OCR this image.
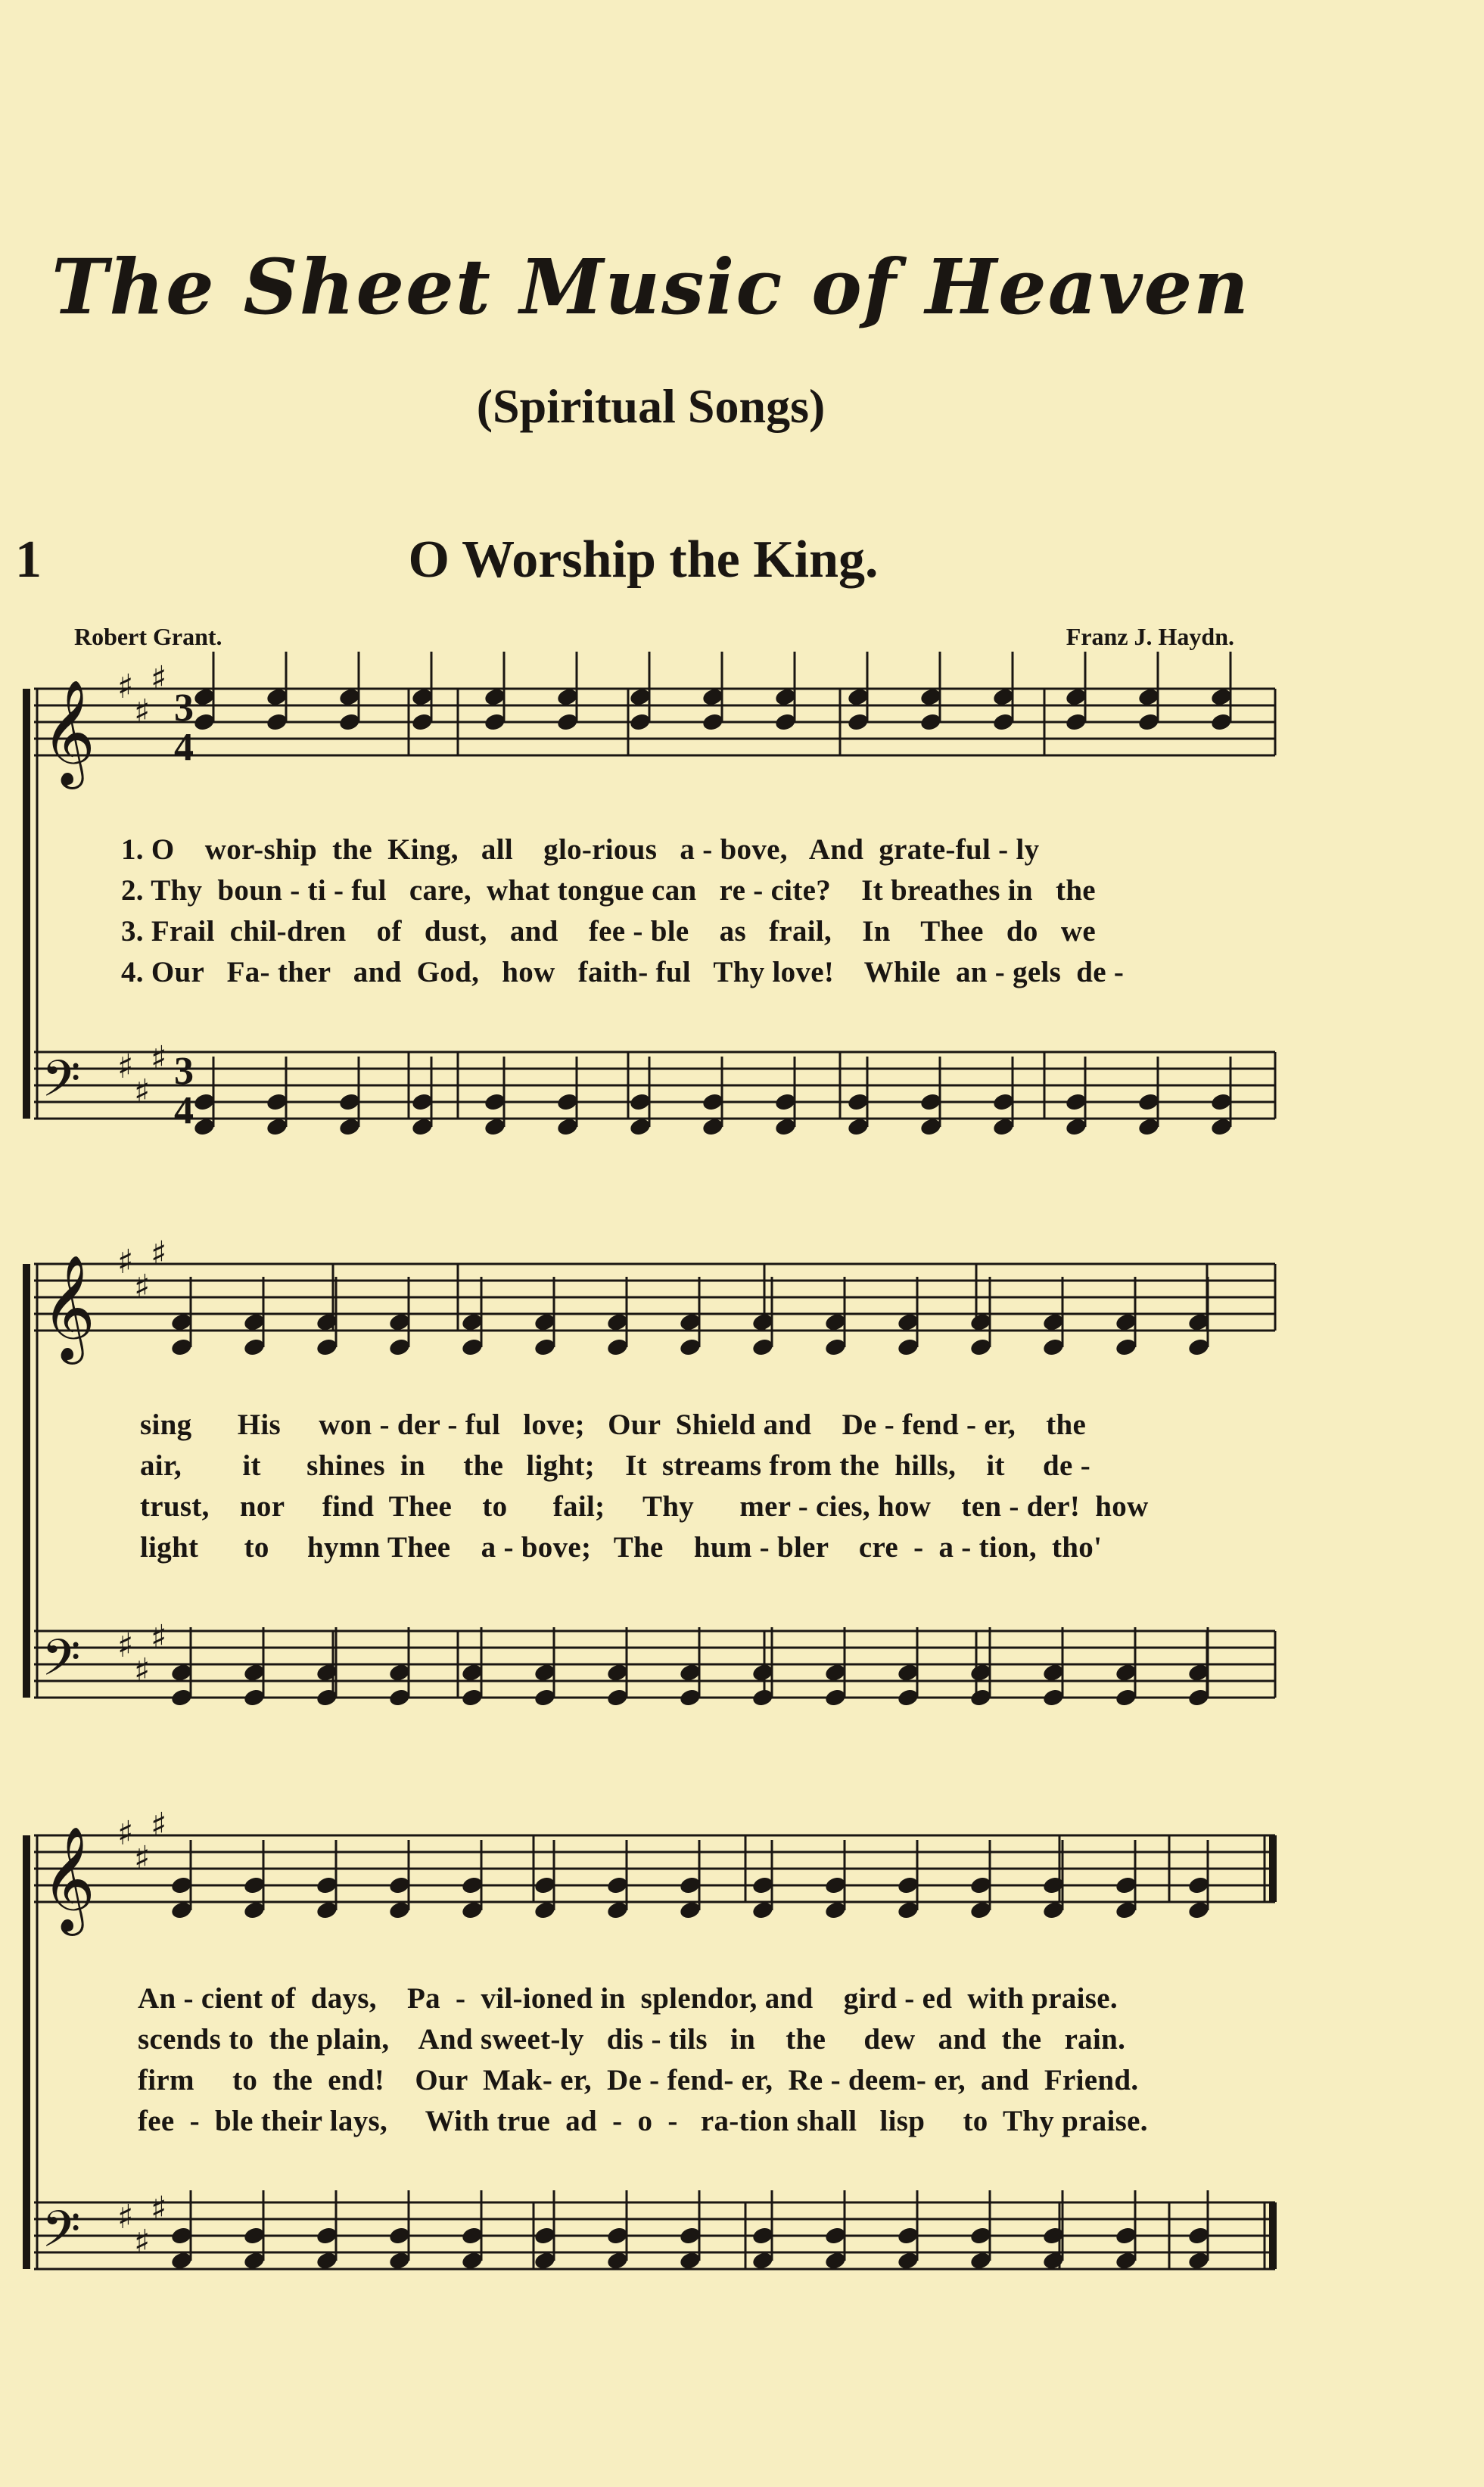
The Sheet Music of Heaven
(Spiritual Songs)
1	O Worship the King.
Robert Grant.	Franz J. Haydn.
𝄞 ♯
♯
♯
3
4
𝄢 ♯
♯
♯ 3
4
𝄞 ♯
♯
♯
𝄢 ♯
♯
♯
𝄞 ♯
♯
♯
𝄢 ♯
♯
♯
1. O    wor-ship  the  King,   all    glo-rious   a - bove,   And  grate-ful - ly
2. Thy  boun - ti - ful   care,  what tongue can   re - cite?    It breathes in   the
3. Frail  chil-dren    of   dust,   and    fee - ble    as   frail,    In    Thee   do   we
4. Our   Fa- ther   and  God,   how   faith- ful   Thy love!    While  an - gels  de -
sing      His     won - der - ful   love;   Our  Shield and    De - fend - er,    the
air,        it      shines  in     the   light;    It  streams from the  hills,    it     de -
trust,    nor     find  Thee    to      fail;     Thy      mer - cies, how    ten - der!  how
light      to     hymn Thee    a - bove;   The    hum - bler    cre  -  a - tion,  tho'
An - cient of  days,    Pa  -  vil-ioned in  splendor, and    gird - ed  with praise.
scends to  the plain,    And sweet-ly   dis - tils   in    the     dew   and  the   rain.
firm     to  the  end!    Our  Mak- er,  De - fend- er,  Re - deem- er,  and  Friend.
fee  -  ble their lays,     With true  ad  -  o  -   ra-tion shall   lisp     to  Thy praise.
